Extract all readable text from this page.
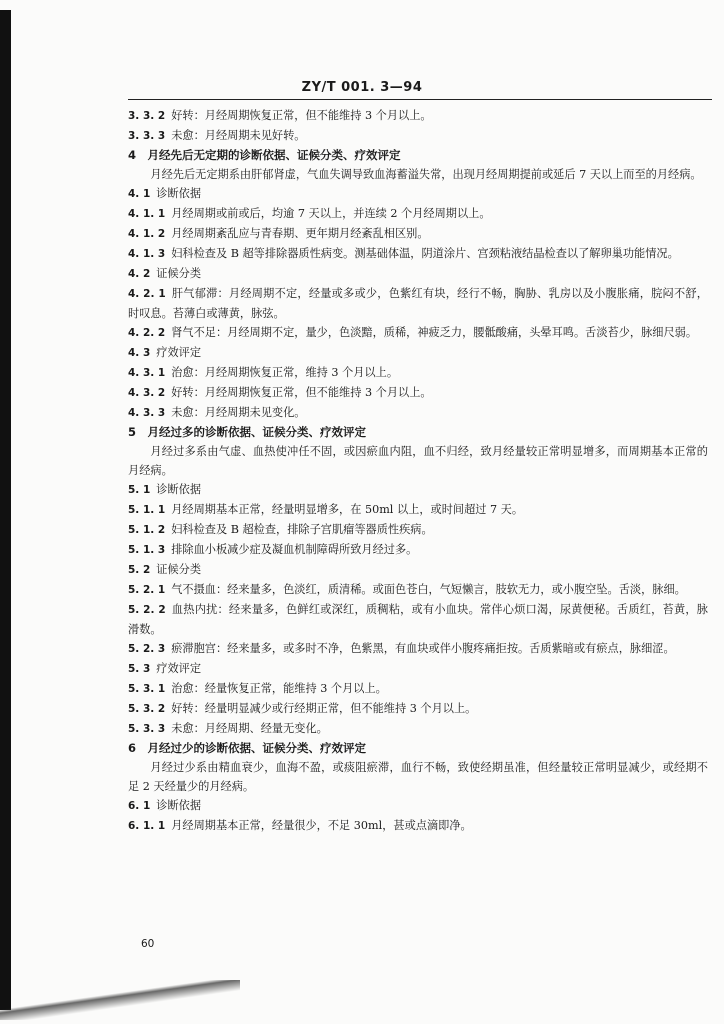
ZY/T 001. 3—94

3. 3. 2 好转：月经周期恢复正常，但不能维持 3 个月以上。

3. 3. 3 未愈：月经周期未见好转。

4　月经先后无定期的诊断依据、证候分类、疗效评定

月经先后无定期系由肝郁肾虚，气血失调导致血海蓄溢失常，出现月经周期提前或延后 7 天以上而至的月经病。

4. 1 诊断依据

4. 1. 1 月经周期或前或后，均逾 7 天以上，并连续 2 个月经周期以上。

4. 1. 2 月经周期紊乱应与青春期、更年期月经紊乱相区别。

4. 1. 3 妇科检查及 B 超等排除器质性病变。测基础体温，阴道涂片、宫颈粘液结晶检查以了解卵巢功能情况。

4. 2 证候分类

4. 2. 1 肝气郁滞：月经周期不定，经量或多或少，色紫红有块，经行不畅，胸胁、乳房以及小腹胀痛，脘闷不舒，时叹息。苔薄白或薄黄，脉弦。

4. 2. 2 肾气不足：月经周期不定，量少，色淡黯，质稀，神疲乏力，腰骶酸痛，头晕耳鸣。舌淡苔少，脉细尺弱。

4. 3 疗效评定

4. 3. 1 治愈：月经周期恢复正常，维持 3 个月以上。

4. 3. 2 好转：月经周期恢复正常，但不能维持 3 个月以上。

4. 3. 3 未愈：月经周期未见变化。

5　月经过多的诊断依据、证候分类、疗效评定

月经过多系由气虚、血热使冲任不固，或因瘀血内阻，血不归经，致月经量较正常明显增多，而周期基本正常的月经病。

5. 1 诊断依据

5. 1. 1 月经周期基本正常，经量明显增多，在 50ml 以上，或时间超过 7 天。

5. 1. 2 妇科检查及 B 超检查，排除子宫肌瘤等器质性疾病。

5. 1. 3 排除血小板减少症及凝血机制障碍所致月经过多。

5. 2 证候分类

5. 2. 1 气不摄血：经来量多，色淡红，质清稀。或面色苍白，气短懒言，肢软无力，或小腹空坠。舌淡，脉细。

5. 2. 2 血热内扰：经来量多，色鲜红或深红，质稠粘，或有小血块。常伴心烦口渴，尿黄便秘。舌质红，苔黄，脉滑数。

5. 2. 3 瘀滞胞宫：经来量多，或多时不净，色紫黑，有血块或伴小腹疼痛拒按。舌质紫暗或有瘀点，脉细涩。

5. 3 疗效评定

5. 3. 1 治愈：经量恢复正常，能维持 3 个月以上。

5. 3. 2 好转：经量明显减少或行经期正常，但不能维持 3 个月以上。

5. 3. 3 未愈：月经周期、经量无变化。

6　月经过少的诊断依据、证候分类、疗效评定

月经过少系由精血衰少，血海不盈，或痰阻瘀滞，血行不畅，致使经期虽准，但经量较正常明显减少，或经期不足 2 天经量少的月经病。

6. 1 诊断依据

6. 1. 1 月经周期基本正常，经量很少，不足 30ml，甚或点滴即净。

60
